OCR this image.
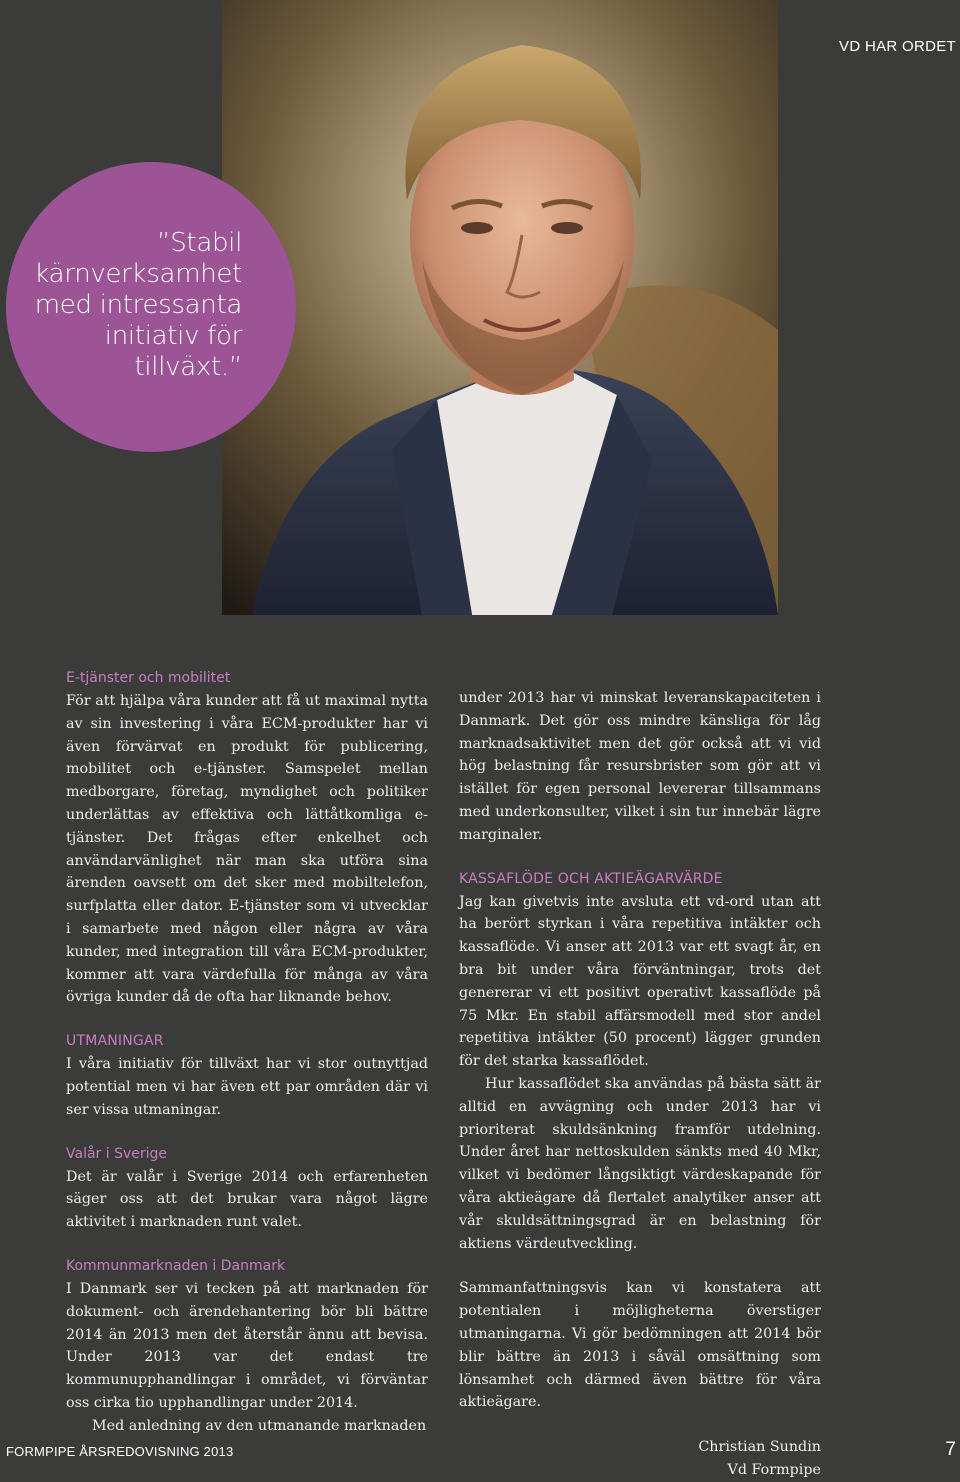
VD HAR ORDET
”Stabil kärnverksamhet med intressanta initiativ för tillväxt.”
E-tjänster och mobilitet

För att hjälpa våra kunder att få ut maximal nytta av sin investering i våra ECM-produkter har vi även förvärvat en produkt för publicering, mobilitet och e-tjänster. Samspelet mellan medborgare, företag, myndighet och politiker underlättas av effektiva och lättåtkomliga e-tjänster. Det frågas efter enkelhet och användarvänlighet när man ska utföra sina ärenden oavsett om det sker med mobiltelefon, surfplatta eller dator. E-tjänster som vi utvecklar i samarbete med någon eller några av våra kunder, med integration till våra ECM-produkter, kommer att vara värdefulla för många av våra övriga kunder då de ofta har liknande behov.

UTMANINGAR

I våra initiativ för tillväxt har vi stor outnyttjad potential men vi har även ett par områden där vi ser vissa utmaningar.

Valår i Sverige

Det är valår i Sverige 2014 och erfarenheten säger oss att det brukar vara något lägre aktivitet i marknaden runt valet.

Kommunmarknaden i Danmark

I Danmark ser vi tecken på att marknaden för dokument- och ärendehantering bör bli bättre 2014 än 2013 men det återstår ännu att bevisa. Under 2013 var det endast tre kommunupphandlingar i området, vi förväntar oss cirka tio upphandlingar under 2014.

Med anledning av den utmanande marknaden

under 2013 har vi minskat leveranskapaciteten i Danmark. Det gör oss mindre känsliga för låg marknadsaktivitet men det gör också att vi vid hög belastning får resursbrister som gör att vi istället för egen personal levererar tillsammans med underkonsulter, vilket i sin tur innebär lägre marginaler.

KASSAFLÖDE OCH AKTIEÄGARVÄRDE

Jag kan givetvis inte avsluta ett vd-ord utan att ha berört styrkan i våra repetitiva intäkter och kassaflöde. Vi anser att 2013 var ett svagt år, en bra bit under våra förväntningar, trots det genererar vi ett positivt operativt kassaflöde på 75 Mkr. En stabil affärsmodell med stor andel repetitiva intäkter (50 procent) lägger grunden för det starka kassaflödet.

Hur kassaflödet ska användas på bästa sätt är alltid en avvägning och under 2013 har vi prioriterat skuldsänkning framför utdelning. Under året har nettoskulden sänkts med 40 Mkr, vilket vi bedömer långsiktigt värdeskapande för våra aktieägare då flertalet analytiker anser att vår skuldsättningsgrad är en belastning för aktiens värdeutveckling.

Sammanfattningsvis kan vi konstatera att potentialen i möjligheterna överstiger utmaningarna. Vi gör bedömningen att 2014 bör blir bättre än 2013 i såväl omsättning som lönsamhet och därmed även bättre för våra aktieägare.

Christian Sundin

Vd Formpipe

FORMPIPE ÅRSREDOVISNING 2013	7
